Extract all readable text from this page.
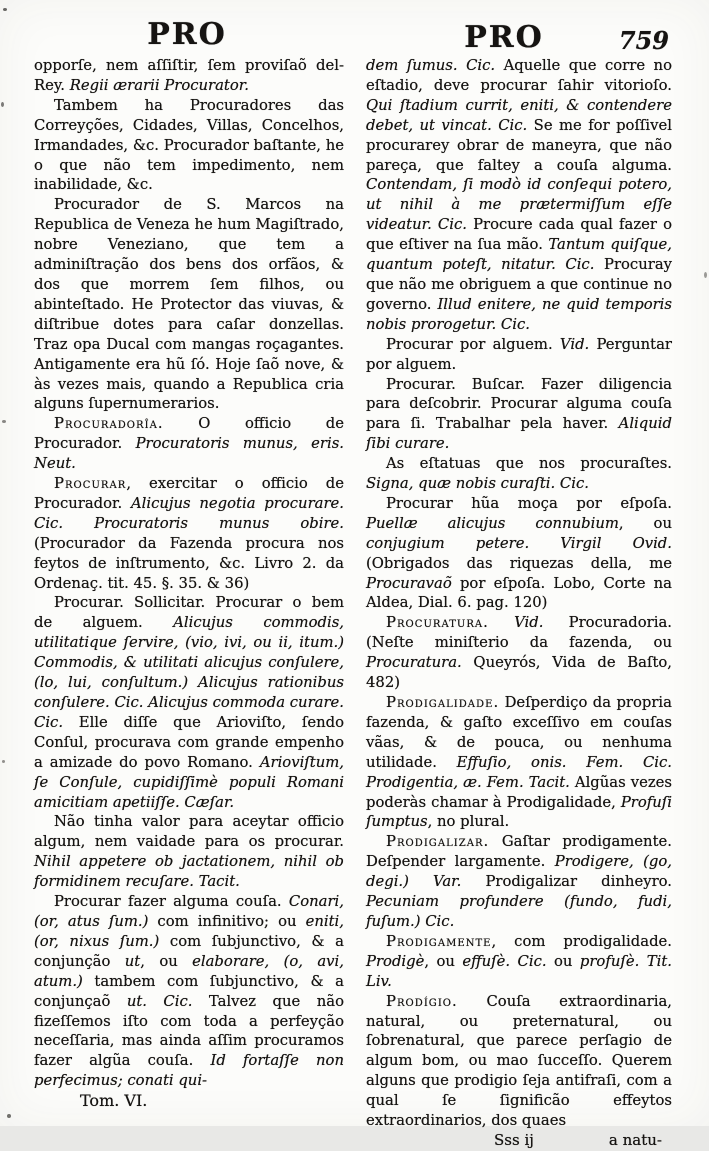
PRO	PRO	759

opporſe, nem aſſiſtir, ſem proviſaõ del-Rey. Regii ærarii Procurator.

Tambem ha Procuradores das Correyções, Cidades, Villas, Concelhos, Irmandades, &c. Procurador baſtante, he o que não tem impedimento, nem inabilidade, &c.

Procurador de S. Marcos na Republica de Veneza he hum Magiſtrado, nobre Veneziano, que tem a adminiſtração dos bens dos orfãos, & dos que morrem ſem filhos, ou abinteſtado. He Protector das viuvas, & diſtribue dotes para caſar donzellas. Traz opa Ducal com mangas roçagantes. Antigamente era hũ ſó. Hoje ſaõ nove, & às vezes mais, quando a Republica cria alguns ſupernumerarios.

Procuradorîa. O officio de Procurador. Procuratoris munus, eris. Neut.

Procurar, exercitar o officio de Procurador. Alicujus negotia procurare. Cic. Procuratoris munus obire. (Procurador da Fazenda procura nos feytos de inſtrumento, &c. Livro 2. da Ordenaç. tit. 45. §. 35. & 36)

Procurar. Sollicitar. Procurar o bem de alguem. Alicujus commodis, utilitatique ſervire, (vio, ivi, ou ii, itum.) Commodis, & utilitati alicujus conſulere, (lo, lui, conſultum.) Alicujus rationibus conſulere. Cic. Alicujus commoda curare. Cic. Elle diſſe que Arioviſto, ſendo Conſul, procurava com grande empenho a amizade do povo Romano. Arioviſtum, ſe Conſule, cupidiſſimè populi Romani amicitiam apetiiſſe. Cæſar.

Não tinha valor para aceytar officio algum, nem vaidade para os procurar. Nihil appetere ob jactationem, nihil ob formidinem recuſare. Tacit.

Procurar fazer alguma couſa. Conari, (or, atus ſum.) com infinitivo; ou eniti, (or, nixus ſum.) com ſubjunctivo, & a conjunção ut, ou elaborare, (o, avi, atum.) tambem com ſubjunctivo, & a conjunçaõ ut. Cic. Talvez que não fizeſſemos iſto com toda a perfeyção neceſſaria, mas ainda aſſim procuramos fazer algũa couſa. Id fortaſſe non perfecimus; conati qui-

Tom. VI.

dem ſumus. Cic. Aquelle que corre no eſtadio, deve procurar ſahir vitorioſo. Qui ſtadium currit, eniti, & contendere debet, ut vincat. Cic. Se me for poſſivel procurarey obrar de maneyra, que não pareça, que faltey a couſa alguma. Contendam, ſi modò id conſequi potero, ut nihil à me prætermiſſum eſſe videatur. Cic. Procure cada qual fazer o que eſtiver na ſua mão. Tantum quiſque, quantum poteſt, nitatur. Cic. Procuray que não me obriguem a que continue no governo. Illud enitere, ne quid temporis nobis prorogetur. Cic.

Procurar por alguem. Vid. Perguntar por alguem.

Procurar. Buſcar. Fazer diligencia para deſcobrir. Procurar alguma couſa para ſi. Trabalhar pela haver. Aliquid ſibi curare.

As eſtatuas que nos procuraſtes. Signa, quæ nobis curaſti. Cic.

Procurar hũa moça por eſpoſa. Puellæ alicujus connubium, ou conjugium petere. Virgil Ovid. (Obrigados das riquezas della, me Procuravaõ por eſpoſa. Lobo, Corte na Aldea, Dial. 6. pag. 120)

Procuratura. Vid. Procuradoria. (Neſte miniſterio da fazenda, ou Procuratura. Queyrós, Vida de Baſto, 482)

Prodigalidade. Deſperdiço da propria fazenda, & gaſto exceſſivo em couſas vãas, & de pouca, ou nenhuma utilidade. Effuſio, onis. Fem. Cic. Prodigentia, æ. Fem. Tacit. Algũas vezes poderàs chamar à Prodigalidade, Profuſi ſumptus, no plural.

Prodigalizar. Gaſtar prodigamente. Deſpender largamente. Prodigere, (go, degi.) Var. Prodigalizar dinheyro. Pecuniam profundere (fundo, fudi, fuſum.) Cic.

Prodigamente, com prodigalidade. Prodigè, ou effuſè. Cic. ou profuſè. Tit. Liv.

Prodígio. Couſa extraordinaria, natural, ou preternatural, ou ſobrenatural, que parece perſagio de algum bom, ou mao ſucceſſo. Querem alguns que prodigio ſeja antifraſi, com a qual ſe ſignificão effeytos extraordinarios, dos quaes

Sss ij	a natu-
